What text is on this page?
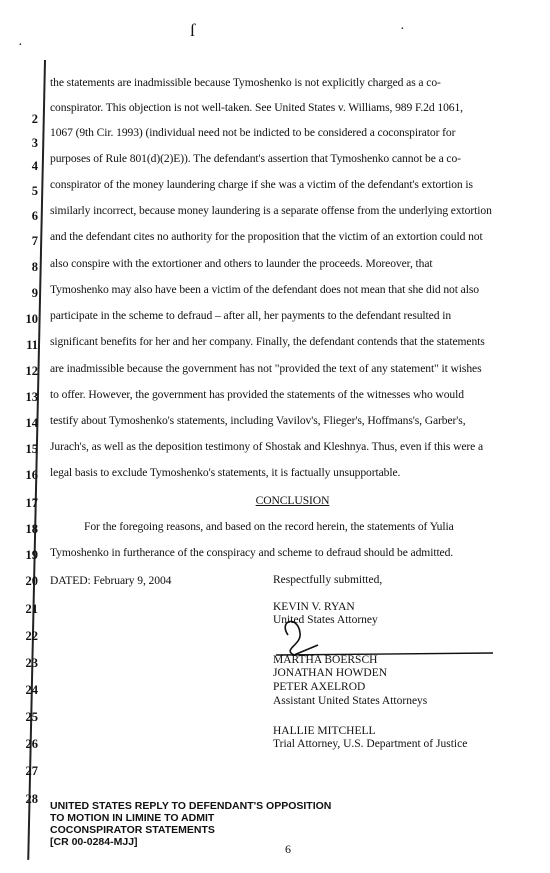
·
ſ	·
2
3
4
5
6
7
8
9
10
11
12
13
14
15
16
17
18
19
20
21
22
23
24
25
26
27
28
the statements are inadmissible because Tymoshenko is not explicitly charged as a co-
conspirator. This objection is not well-taken. See United States v. Williams, 989 F.2d 1061,
1067 (9th Cir. 1993) (individual need not be indicted to be considered a coconspirator for
purposes of Rule 801(d)(2)E)). The defendant's assertion that Tymoshenko cannot be a co-
conspirator of the money laundering charge if she was a victim of the defendant's extortion is
similarly incorrect, because money laundering is a separate offense from the underlying extortion
and the defendant cites no authority for the proposition that the victim of an extortion could not
also conspire with the extortioner and others to launder the proceeds. Moreover, that
Tymoshenko may also have been a victim of the defendant does not mean that she did not also
participate in the scheme to defraud – after all, her payments to the defendant resulted in
significant benefits for her and her company. Finally, the defendant contends that the statements
are inadmissible because the government has not "provided the text of any statement" it wishes
to offer. However, the government has provided the statements of the witnesses who would
testify about Tymoshenko's statements, including Vavilov's, Flieger's, Hoffmans's, Garber's,
Jurach's, as well as the deposition testimony of Shostak and Kleshnya. Thus, even if this were a
legal basis to exclude Tymoshenko's statements, it is factually unsupportable.
CONCLUSION
For the foregoing reasons, and based on the record herein, the statements of Yulia
Tymoshenko in furtherance of the conspiracy and scheme to defraud should be admitted.
DATED: February 9, 2004	Respectfully submitted,
KEVIN V. RYAN
United States Attorney
MARTHA BOERSCH
JONATHAN HOWDEN
PETER AXELROD
Assistant United States Attorneys
HALLIE MITCHELL
Trial Attorney, U.S. Department of Justice
UNITED STATES REPLY TO DEFENDANT'S OPPOSITION
TO MOTION IN LIMINE TO ADMIT
COCONSPIRATOR STATEMENTS
[CR 00-0284-MJJ]	6
